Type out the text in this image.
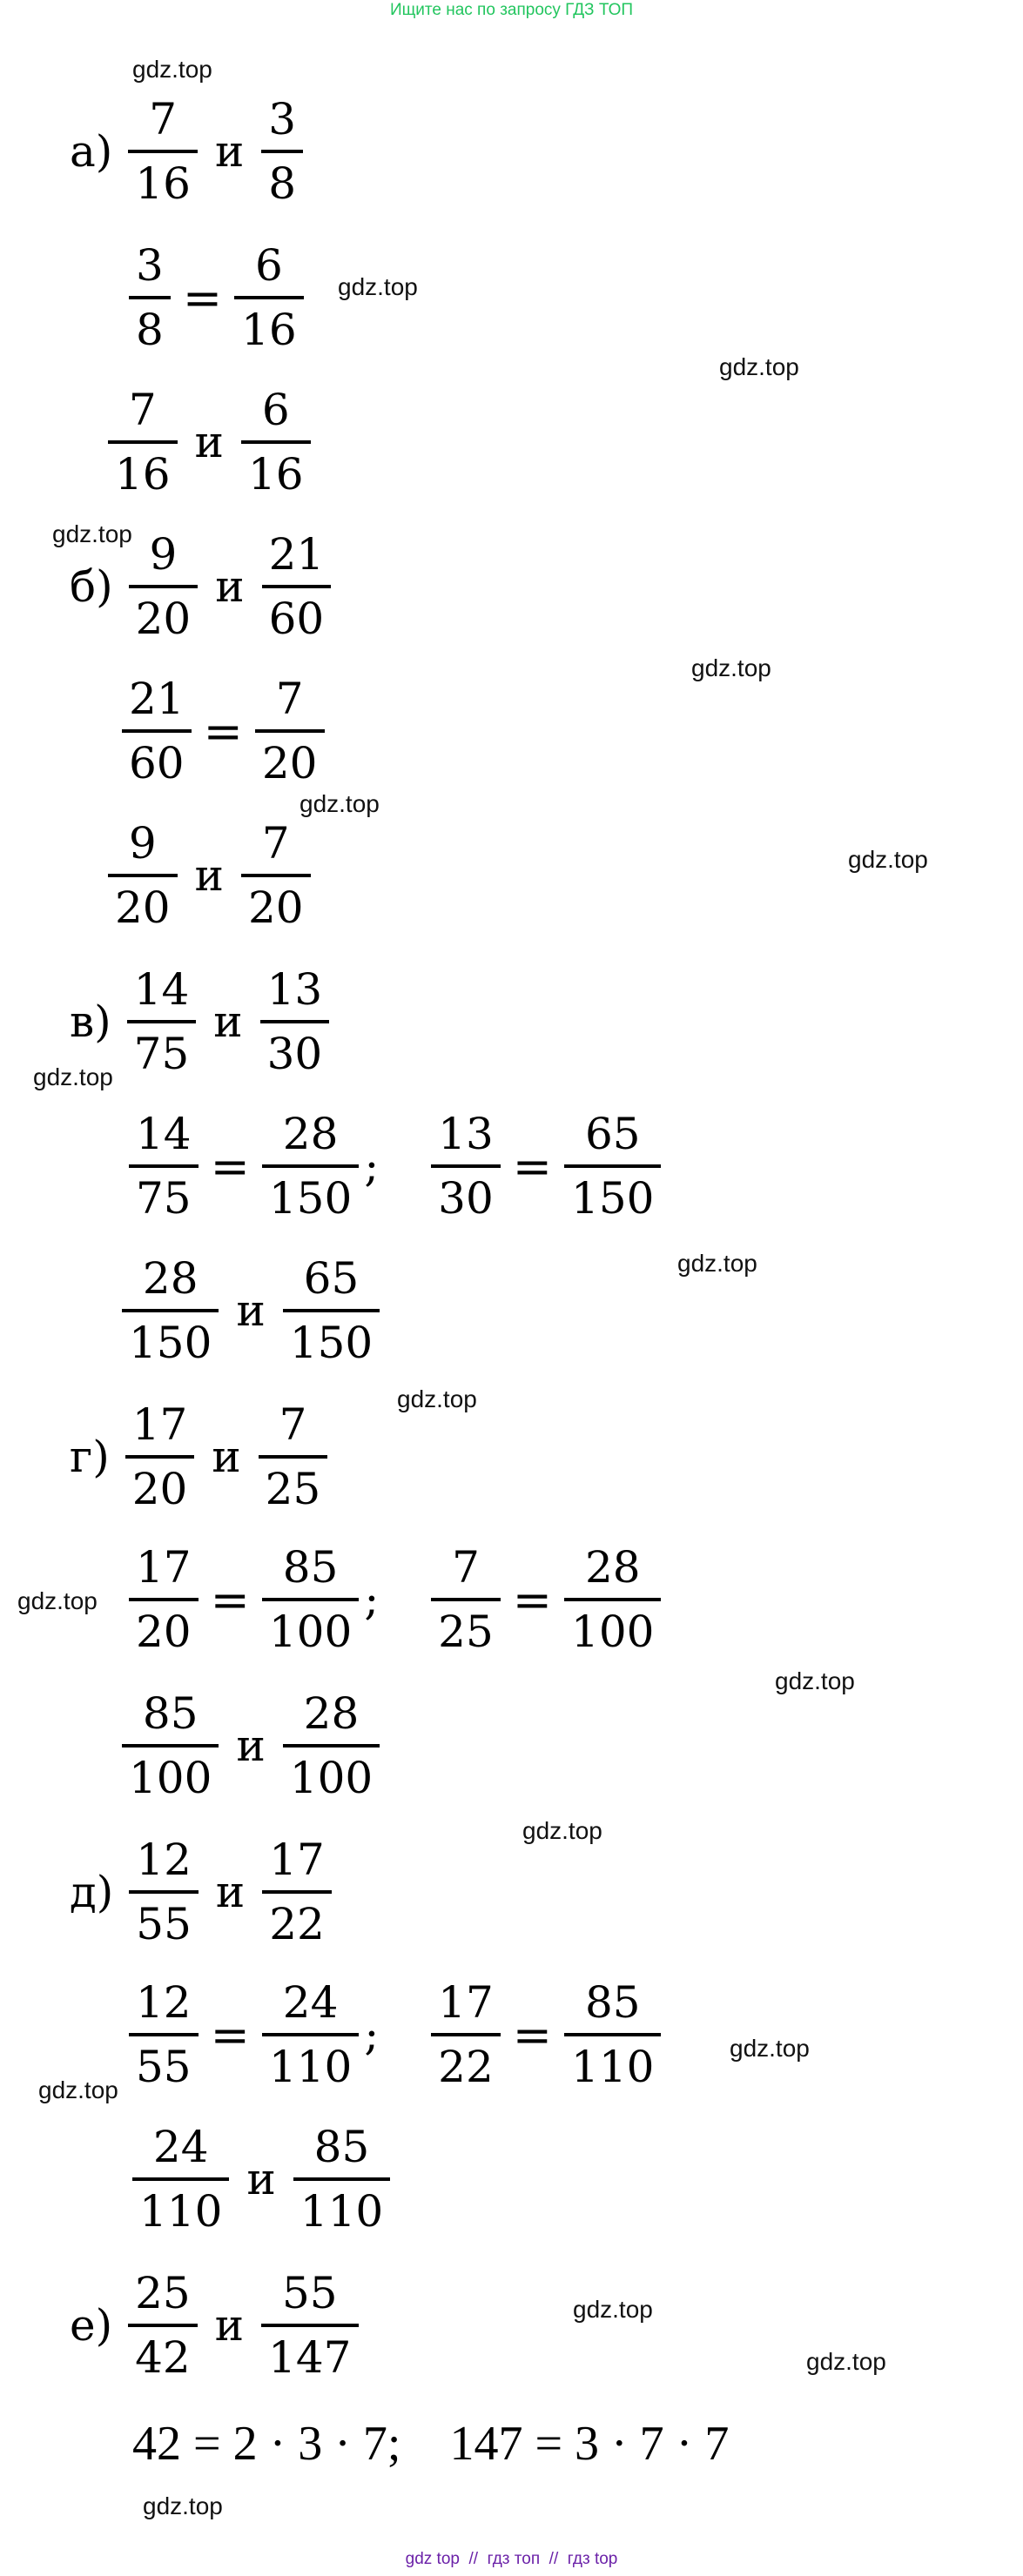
Ищите нас по запросу ГДЗ ТОП
gdz.top
gdz.top
gdz.top
gdz.top
gdz.top
gdz.top
gdz.top
gdz.top
gdz.top
gdz.top
gdz.top
gdz.top
gdz.top
gdz.top
gdz.top
gdz.top
gdz.top
gdz.top
$а) \frac{7}{16}$ и $\frac{3}{8}$
$\frac{3}{8} = \frac{6}{16}$
$\frac{7}{16}$ и $\frac{6}{16}$
$б) \frac{9}{20}$ и $\frac{21}{60}$
$\frac{21}{60} = \frac{7}{20}$
$\frac{9}{20}$ и $\frac{7}{20}$
$в) \frac{14}{75}$ и $\frac{13}{30}$
$\frac{14}{75} = \frac{28}{150}$ ; $\frac{13}{30} = \frac{65}{150}$
$\frac{28}{150}$ и $\frac{65}{150}$
$г) \frac{17}{20}$ и $\frac{7}{25}$
$\frac{17}{20} = \frac{85}{100}$ ; $\frac{7}{25} = \frac{28}{100}$
$\frac{85}{100}$ и $\frac{28}{100}$
$д) \frac{12}{55}$ и $\frac{17}{22}$
$\frac{12}{55} = \frac{24}{110}$ ; $\frac{17}{22} = \frac{85}{110}$
$\frac{24}{110}$ и $\frac{85}{110}$
$е) \frac{25}{42}$ и $\frac{55}{147}$
42 = 2 · 3 · 7;    147 = 3 · 7 · 7
gdz top  //  гдз топ  //  гдз top
